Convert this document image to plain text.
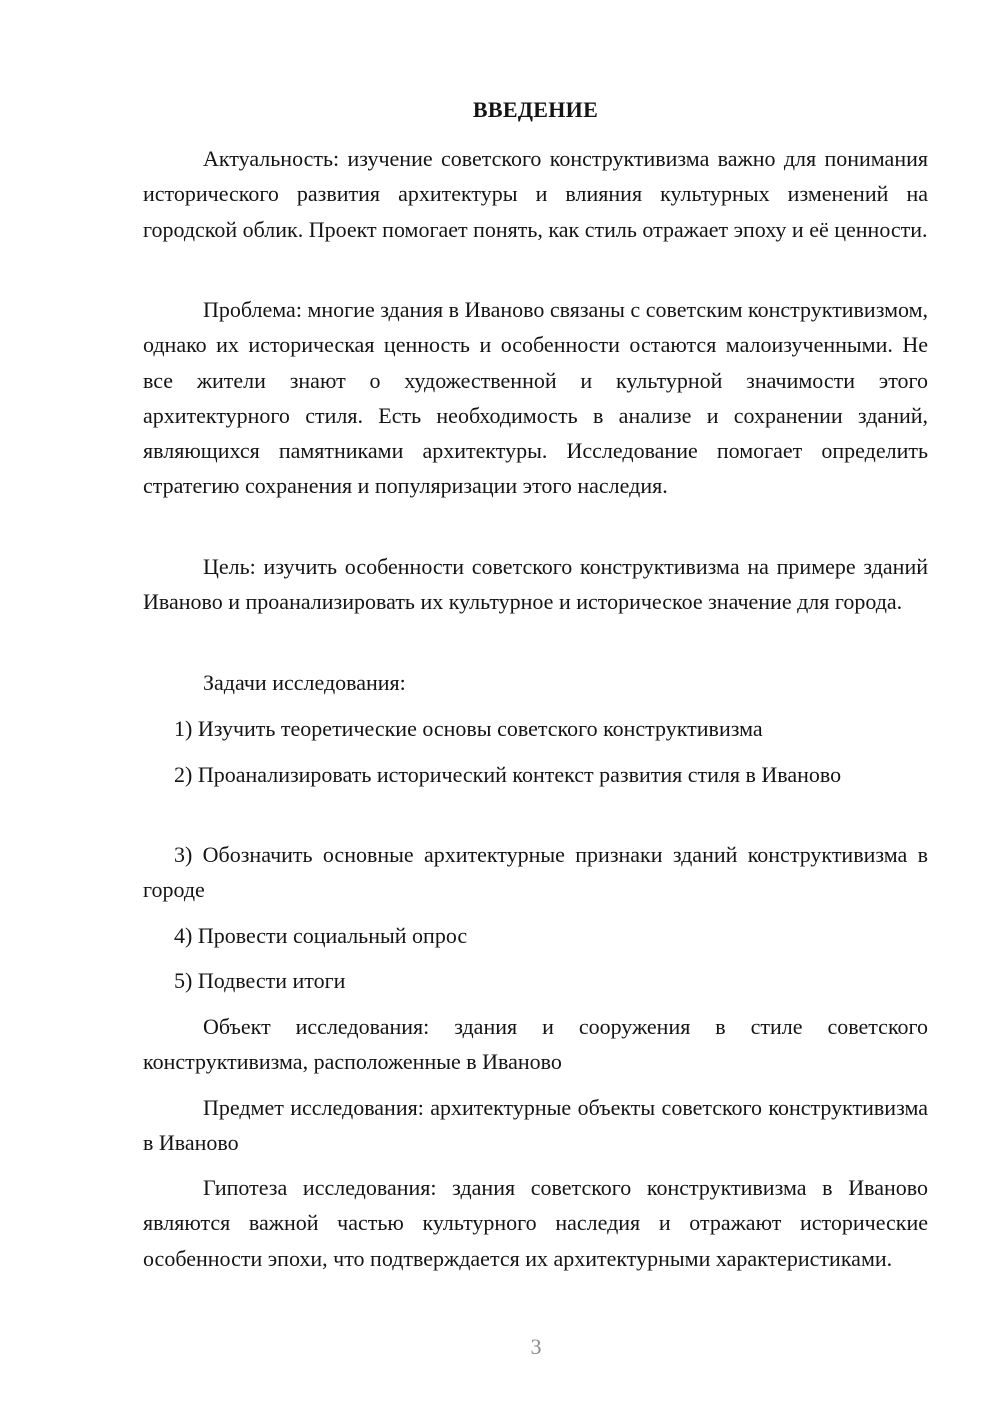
ВВЕДЕНИЕ

Актуальность: изучение советского конструктивизма важно для понимания исторического развития архитектуры и влияния культурных изменений на городской облик. Проект помогает понять, как стиль отражает эпоху и её ценности.

Проблема: многие здания в Иваново связаны с советским конструктивизмом, однако их историческая ценность и особенности остаются малоизученными. Не все жители знают о художественной и культурной значимости этого архитектурного стиля. Есть необходимость в анализе и сохранении зданий, являющихся памятниками архитектуры. Исследование помогает определить стратегию сохранения и популяризации этого наследия.

Цель: изучить особенности советского конструктивизма на примере зданий Иваново и проанализировать их культурное и историческое значение для города.

Задачи исследования:

1) Изучить теоретические основы советского конструктивизма

2) Проанализировать исторический контекст развития стиля в Иваново

3) Обозначить основные архитектурные признаки зданий конструктивизма в городе

4) Провести социальный опрос

5) Подвести итоги

Объект исследования: здания и сооружения в стиле советского конструктивизма, расположенные в Иваново

Предмет исследования: архитектурные объекты советского конструктивизма в Иваново

Гипотеза исследования: здания советского конструктивизма в Иваново являются важной частью культурного наследия и отражают исторические особенности эпохи, что подтверждается их архитектурными характеристиками.

3
